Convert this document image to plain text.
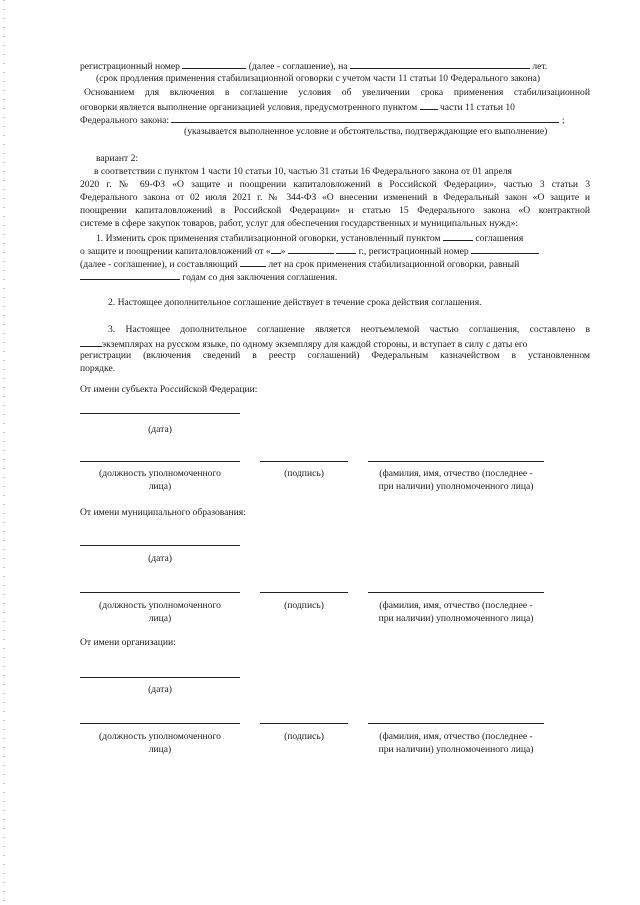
регистрационный номер	(далее - соглашение), на	лет.
(срок продления применения стабилизационной оговорки с учетом части 11 статьи 10 Федерального закона)
Основанием для включения в соглашение условия об увеличении срока применения стабилизационной
оговорки является выполнение организацией условия, предусмотренного пунктом части 11 статьи 10
Федерального закона:	;
(указывается выполненное условие и обстоятельства, подтверждающие его выполнение)
вариант 2:
в соответствии с пунктом 1 части 10 статьи 10, частью 31 статьи 16 Федерального закона от 01 апреля
2020 г. № 69-ФЗ «О защите и поощрении капиталовложений в Российской Федерации», частью 3 статьи 3
Федерального закона от 02 июля 2021 г. № 344-ФЗ «О внесении изменений в Федеральный закон «О защите и
поощрении капиталовложений в Российской Федерации» и статью 15 Федерального закона «О контрактной
системе в сфере закупок товаров, работ, услуг для обеспечения государственных и муниципальных нужд»:
1. Изменить срок применения стабилизационной оговорки, установленный пунктом	соглашения
о защите и поощрении капиталовложений от « »	г., регистрационный номер
(далее - соглашение), и составляющий	лет на срок применения стабилизационной оговорки, равный
годам со дня заключения соглашения.
2. Настоящее дополнительное соглашение действует в течение срока действия соглашения.
3. Настоящее дополнительное соглашение является неотъемлемой частью соглашения, составлено в
экземплярах на русском языке, по одному экземпляру для каждой стороны, и вступает в силу с даты его
регистрации (включения сведений в реестр соглашений) Федеральным казначейством в установленном
порядке.
От имени субъекта Российской Федерации:
(дата)
(должность уполномоченного
лица)
(подпись)	(фамилия, имя, отчество (последнее -
при наличии) уполномоченного лица)
От имени муниципального образования:
(дата)
(должность уполномоченного
лица)
(подпись)	(фамилия, имя, отчество (последнее -
при наличии) уполномоченного лица)
От имени организации:
(дата)
(должность уполномоченного
лица)
(подпись)	(фамилия, имя, отчество (последнее -
при наличии) уполномоченного лица)
